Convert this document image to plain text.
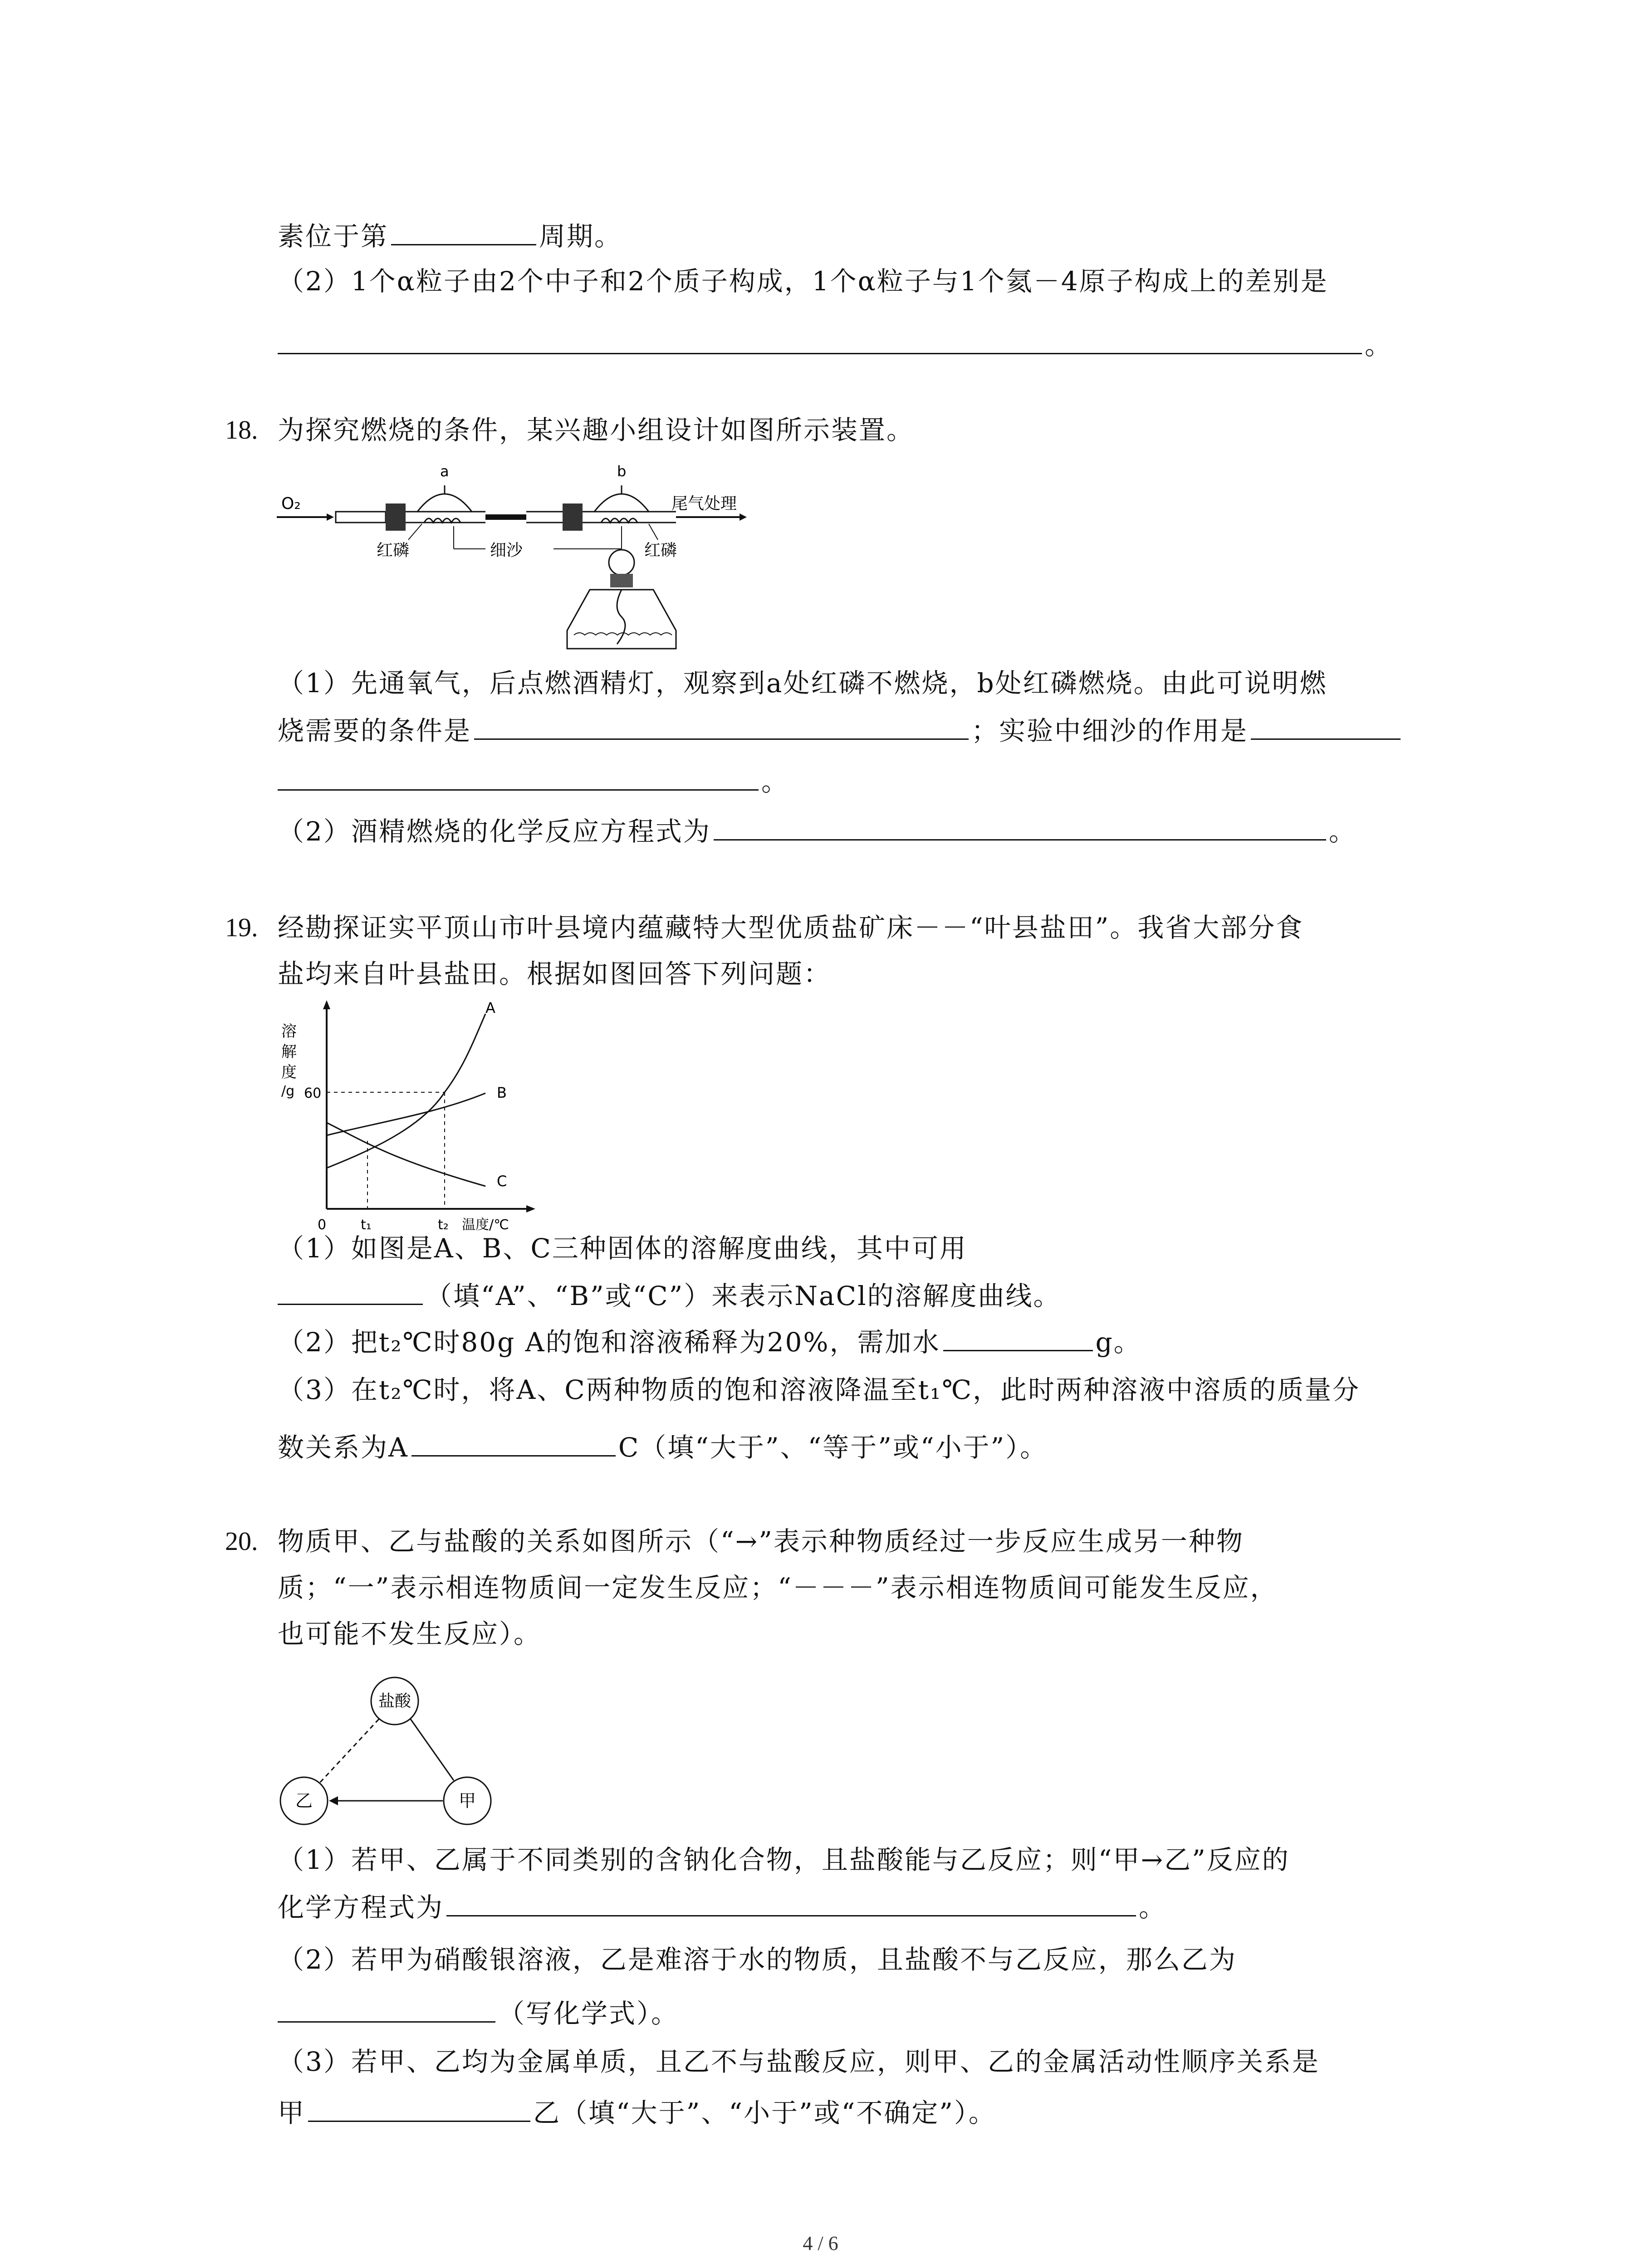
素位于第	周期。
（2）1个α粒子由2个中子和2个质子构成，1个α粒子与1个氦－4原子构成上的差别是
。
18. 为探究燃烧的条件，某兴趣小组设计如图所示装置。
O₂
a	b
尾气处理
红磷	细沙	红磷
（1）先通氧气，后点燃酒精灯，观察到a处红磷不燃烧，b处红磷燃烧。由此可说明燃
烧需要的条件是	；实验中细沙的作用是
。
（2）酒精燃烧的化学反应方程式为	。
19. 经勘探证实平顶山市叶县境内蕴藏特大型优质盐矿床－－“叶县盐田”。我省大部分食
盐均来自叶县盐田。根据如图回答下列问题：
溶
解
度
/g 60
A
B
C
0	t₁	t₂ 温度/℃
（1）如图是A、B、C三种固体的溶解度曲线，其中可用
（填“A”、“B”或“C”）来表示NaCl的溶解度曲线。
（2）把t₂℃时80g A的饱和溶液稀释为20%，需加水	g。
（3）在t₂℃时，将A、C两种物质的饱和溶液降温至t₁℃，此时两种溶液中溶质的质量分
数关系为A	C（填“大于”、“等于”或“小于”）。
20. 物质甲、乙与盐酸的关系如图所示（“→”表示种物质经过一步反应生成另一种物
质；“一”表示相连物质间一定发生反应；“－－－”表示相连物质间可能发生反应，
也可能不发生反应）。
盐酸
乙	甲
（1）若甲、乙属于不同类别的含钠化合物，且盐酸能与乙反应；则“甲→乙”反应的
化学方程式为	。
（2）若甲为硝酸银溶液，乙是难溶于水的物质，且盐酸不与乙反应，那么乙为
（写化学式）。
（3）若甲、乙均为金属单质，且乙不与盐酸反应，则甲、乙的金属活动性顺序关系是
甲	乙（填“大于”、“小于”或“不确定”）。
4 / 6
